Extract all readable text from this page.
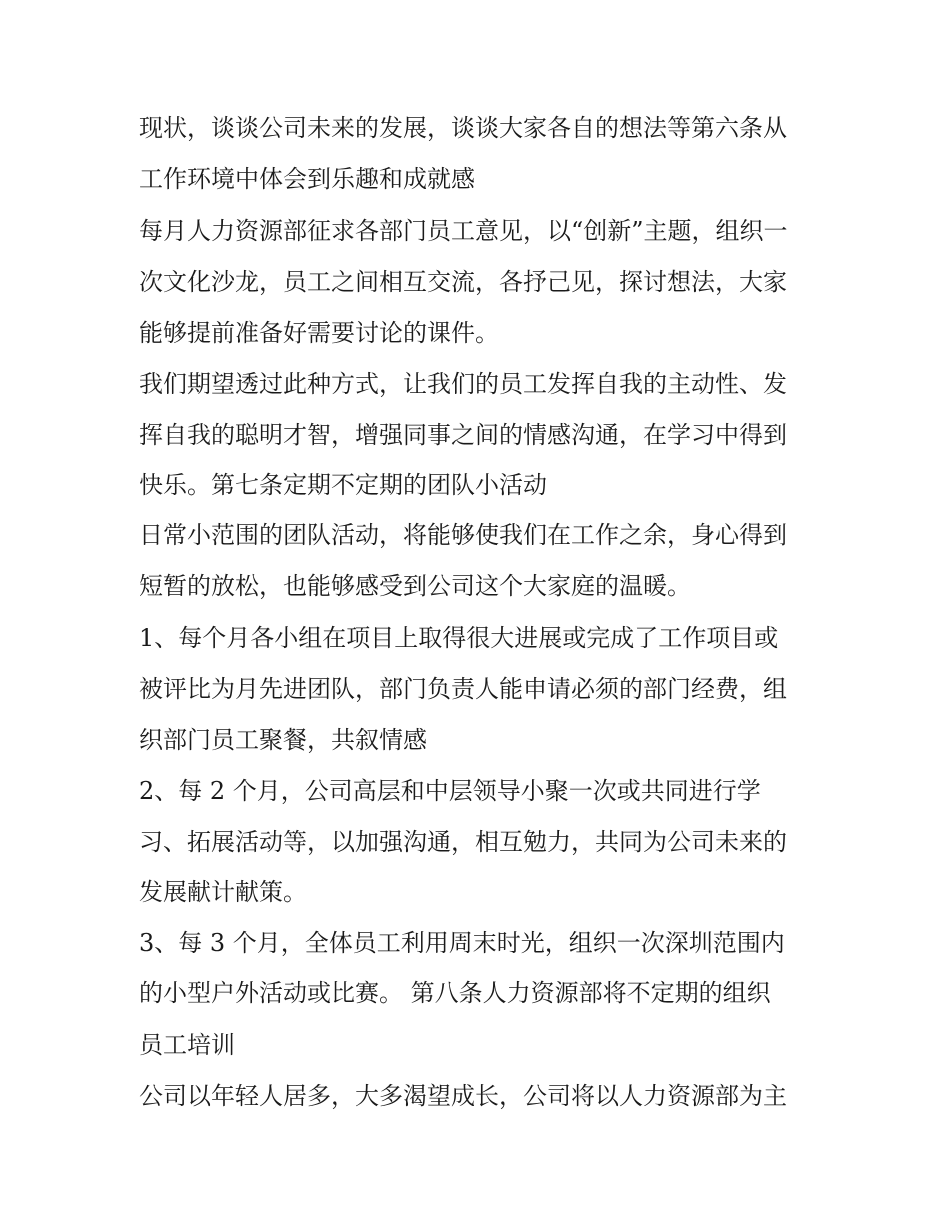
现状，谈谈公司未来的发展，谈谈大家各自的想法等第六条从
工作环境中体会到乐趣和成就感
每月人力资源部征求各部门员工意见，以“创新”主题，组织一
次文化沙龙，员工之间相互交流，各抒己见，探讨想法，大家
能够提前准备好需要讨论的课件。
我们期望透过此种方式，让我们的员工发挥自我的主动性、发
挥自我的聪明才智，增强同事之间的情感沟通，在学习中得到
快乐。第七条定期不定期的团队小活动
日常小范围的团队活动，将能够使我们在工作之余，身心得到
短暂的放松，也能够感受到公司这个大家庭的温暖。
1、每个月各小组在项目上取得很大进展或完成了工作项目或
被评比为月先进团队，部门负责人能申请必须的部门经费，组
织部门员工聚餐，共叙情感
2、每 2 个月，公司高层和中层领导小聚一次或共同进行学
习、拓展活动等，以加强沟通，相互勉力，共同为公司未来的
发展献计献策。
3、每 3 个月，全体员工利用周末时光，组织一次深圳范围内
的小型户外活动或比赛。 第八条人力资源部将不定期的组织
员工培训
公司以年轻人居多，大多渴望成长，公司将以人力资源部为主
